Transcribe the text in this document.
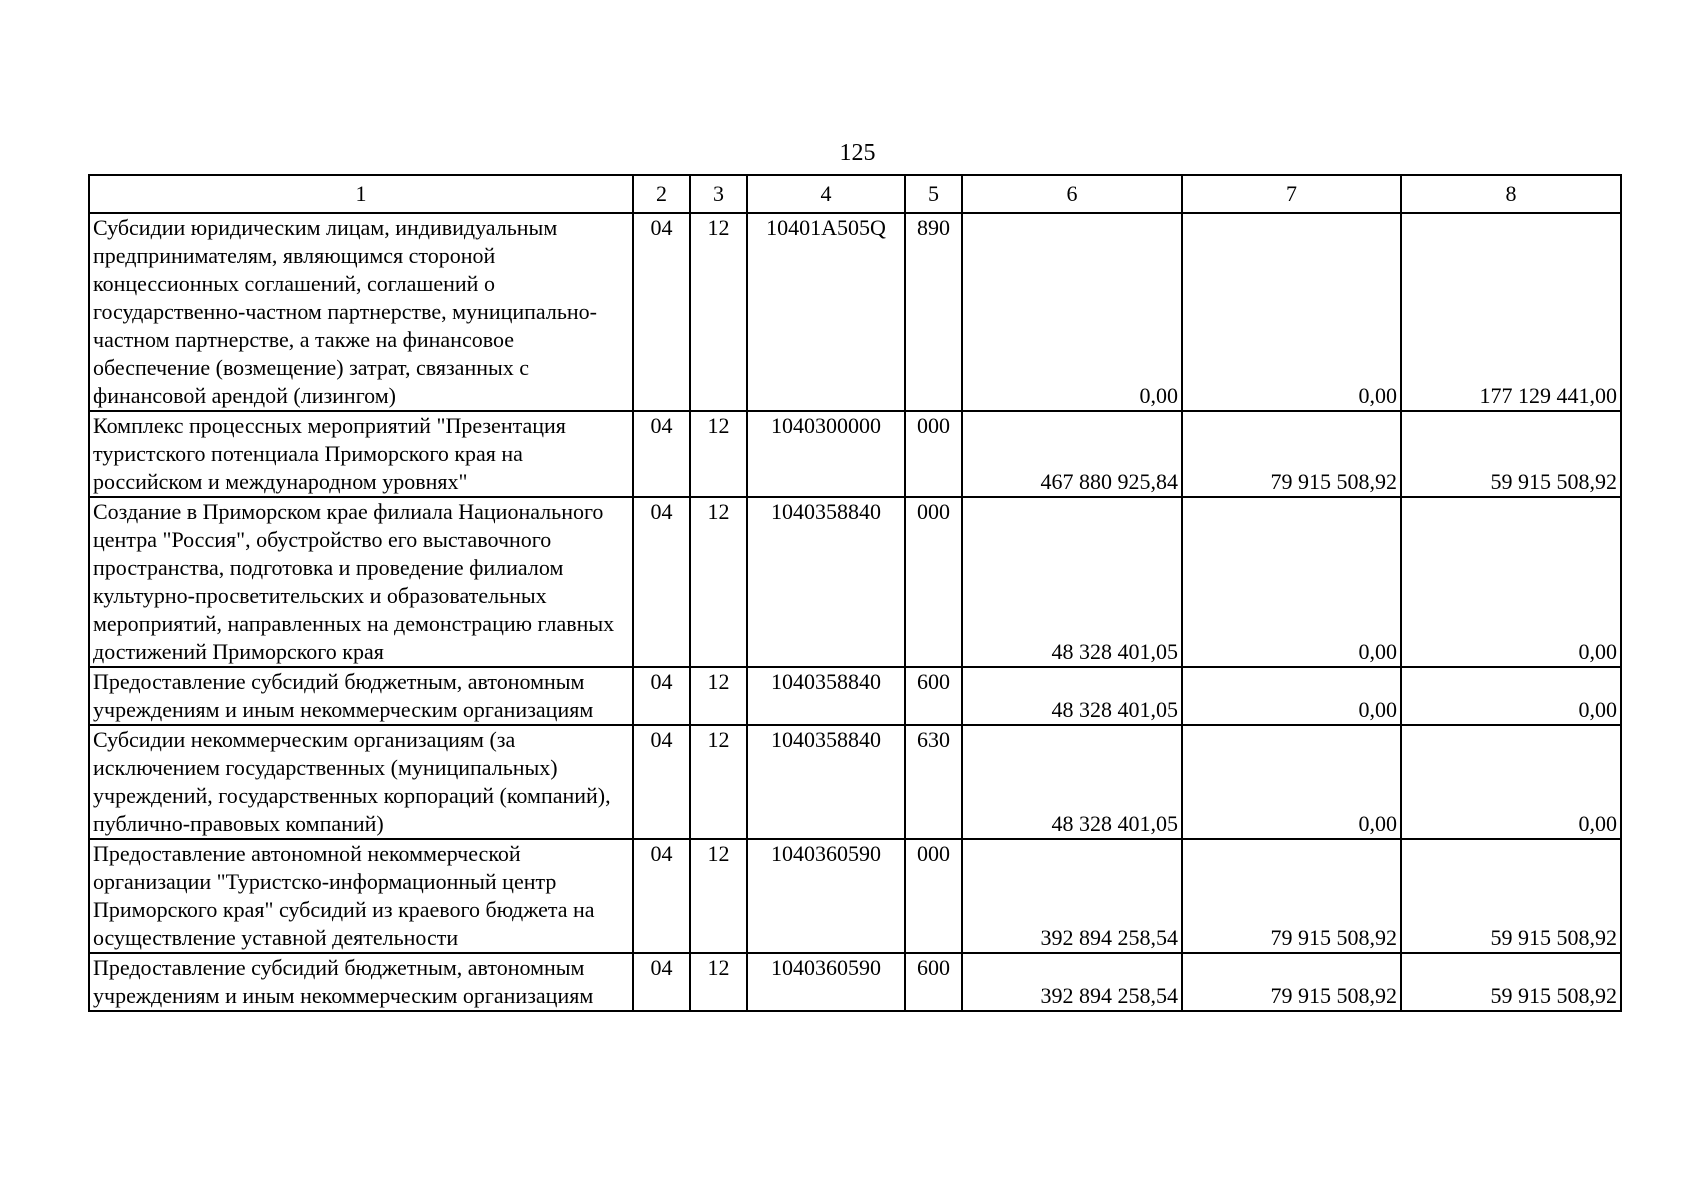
125
1	2	3	4	5	6	7	8
Субсидии юридическим лицам, индивидуальным предпринимателям, являющимся стороной концессионных соглашений, соглашений о государственно-частном партнерстве, муниципально-частном партнерстве, а также на финансовое обеспечение (возмещение) затрат, связанных с финансовой арендой (лизингом)	04	12	10401A505Q	890	0,00	0,00	177 129 441,00
Комплекс процессных мероприятий "Презентация туристского потенциала Приморского края на российском и международном уровнях"	04	12	1040300000	000	467 880 925,84	79 915 508,92	59 915 508,92
Создание в Приморском крае филиала Национального центра "Россия", обустройство его выставочного пространства, подготовка и проведение филиалом культурно-просветительских и образовательных мероприятий, направленных на демонстрацию главных достижений Приморского края	04	12	1040358840	000	48 328 401,05	0,00	0,00
Предоставление субсидий бюджетным, автономным учреждениям и иным некоммерческим организациям	04	12	1040358840	600	48 328 401,05	0,00	0,00
Субсидии некоммерческим организациям (за исключением государственных (муниципальных) учреждений, государственных корпораций (компаний), публично-правовых компаний)	04	12	1040358840	630	48 328 401,05	0,00	0,00
Предоставление автономной некоммерческой организации "Туристско-информационный центр Приморского края" субсидий из краевого бюджета на осуществление уставной деятельности	04	12	1040360590	000	392 894 258,54	79 915 508,92	59 915 508,92
Предоставление субсидий бюджетным, автономным учреждениям и иным некоммерческим организациям	04	12	1040360590	600	392 894 258,54	79 915 508,92	59 915 508,92
